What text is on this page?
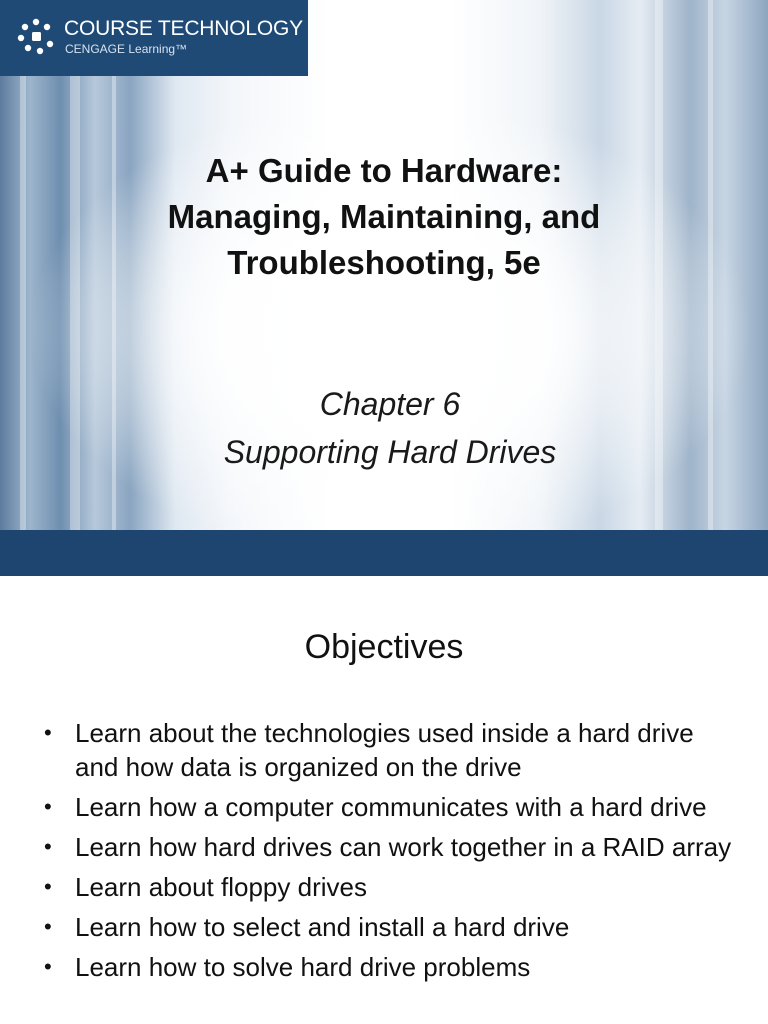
COURSE TECHNOLOGY
CENGAGE Learning™
A+ Guide to Hardware:
Managing, Maintaining, and
Troubleshooting, 5e
Chapter 6
Supporting Hard Drives
Objectives
• Learn about the technologies used inside a hard drive and how data is organized on the drive
• Learn how a computer communicates with a hard drive
• Learn how hard drives can work together in a RAID array
• Learn about floppy drives
• Learn how to select and install a hard drive
• Learn how to solve hard drive problems
